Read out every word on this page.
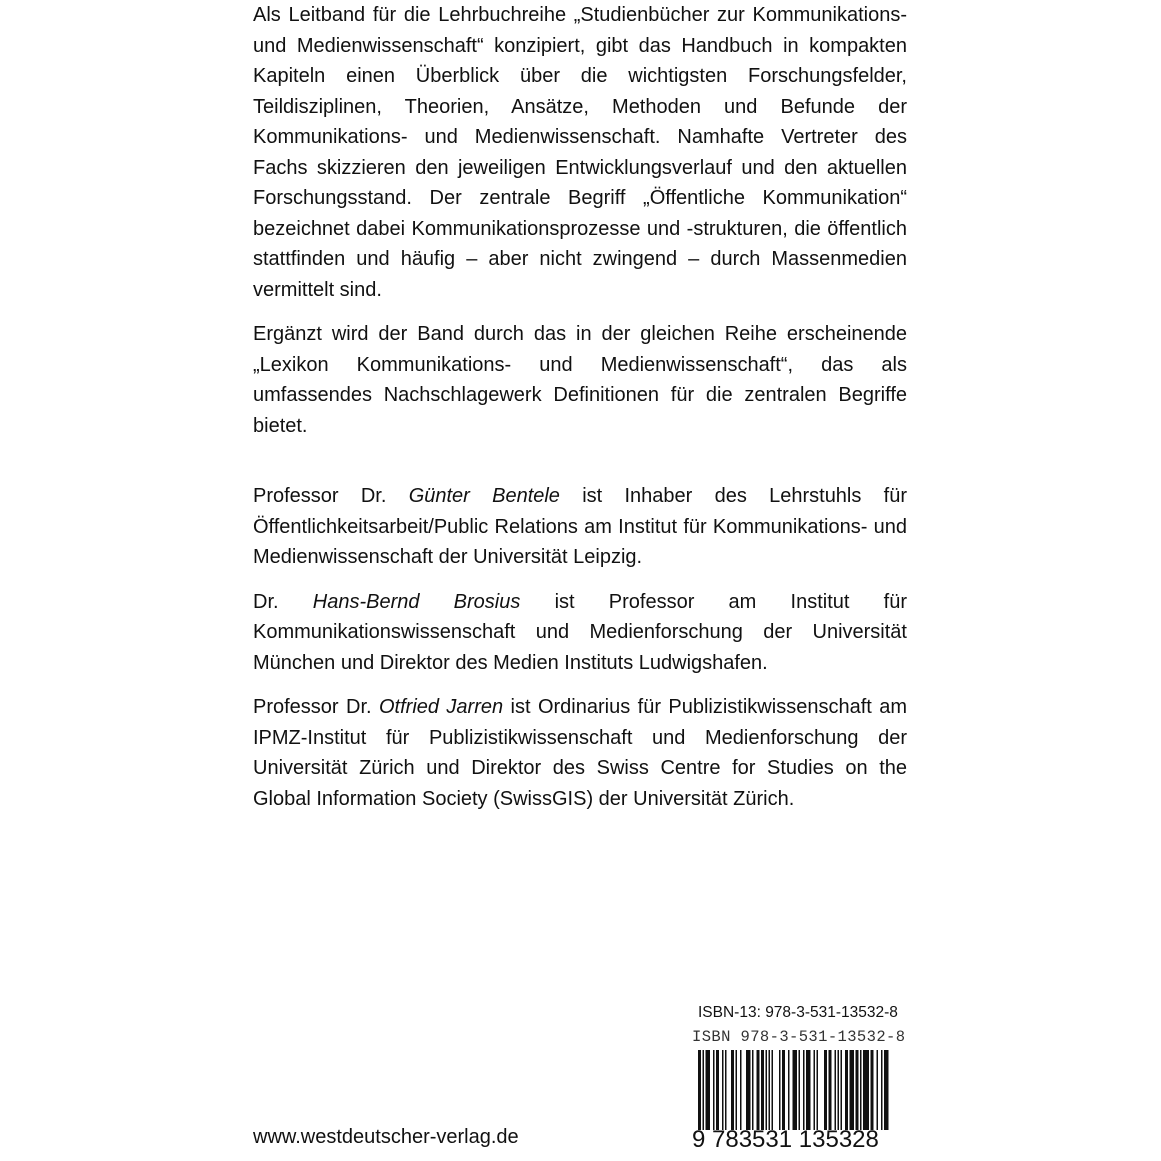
Als Leitband für die Lehrbuchreihe „Studienbücher zur Kommunikations- und Medienwissenschaft“ konzipiert, gibt das Handbuch in kompakten Kapiteln einen Überblick über die wichtigsten Forschungsfelder, Teildisziplinen, Theorien, Ansätze, Methoden und Befunde der Kommunikations- und Medienwissenschaft. Namhafte Vertreter des Fachs skizzieren den jeweiligen Entwicklungsverlauf und den aktuellen Forschungsstand. Der zentrale Begriff „Öffentliche Kommunikation“ bezeichnet dabei Kommunikationsprozesse und -strukturen, die öffentlich stattfinden und häufig – aber nicht zwingend – durch Massenmedien vermittelt sind.

Ergänzt wird der Band durch das in der gleichen Reihe erscheinende „Lexikon Kommunikations- und Medienwissenschaft“, das als umfassendes Nachschlagewerk Definitionen für die zentralen Begriffe bietet.

Professor Dr. Günter Bentele ist Inhaber des Lehrstuhls für Öffentlichkeitsarbeit/Public Relations am Institut für Kommunikations- und Medienwissenschaft der Universität Leipzig.

Dr. Hans-Bernd Brosius ist Professor am Institut für Kommunikationswissenschaft und Medienforschung der Universität München und Direktor des Medien Instituts Ludwigshafen.

Professor Dr. Otfried Jarren ist Ordinarius für Publizistikwissenschaft am IPMZ-Institut für Publizistikwissenschaft und Medienforschung der Universität Zürich und Direktor des Swiss Centre for Studies on the Global Information Society (SwissGIS) der Universität Zürich.

ISBN-13: 978-3-531-13532-8
ISBN 978-3-531-13532-8
9 783531 135328
www.westdeutscher-verlag.de
